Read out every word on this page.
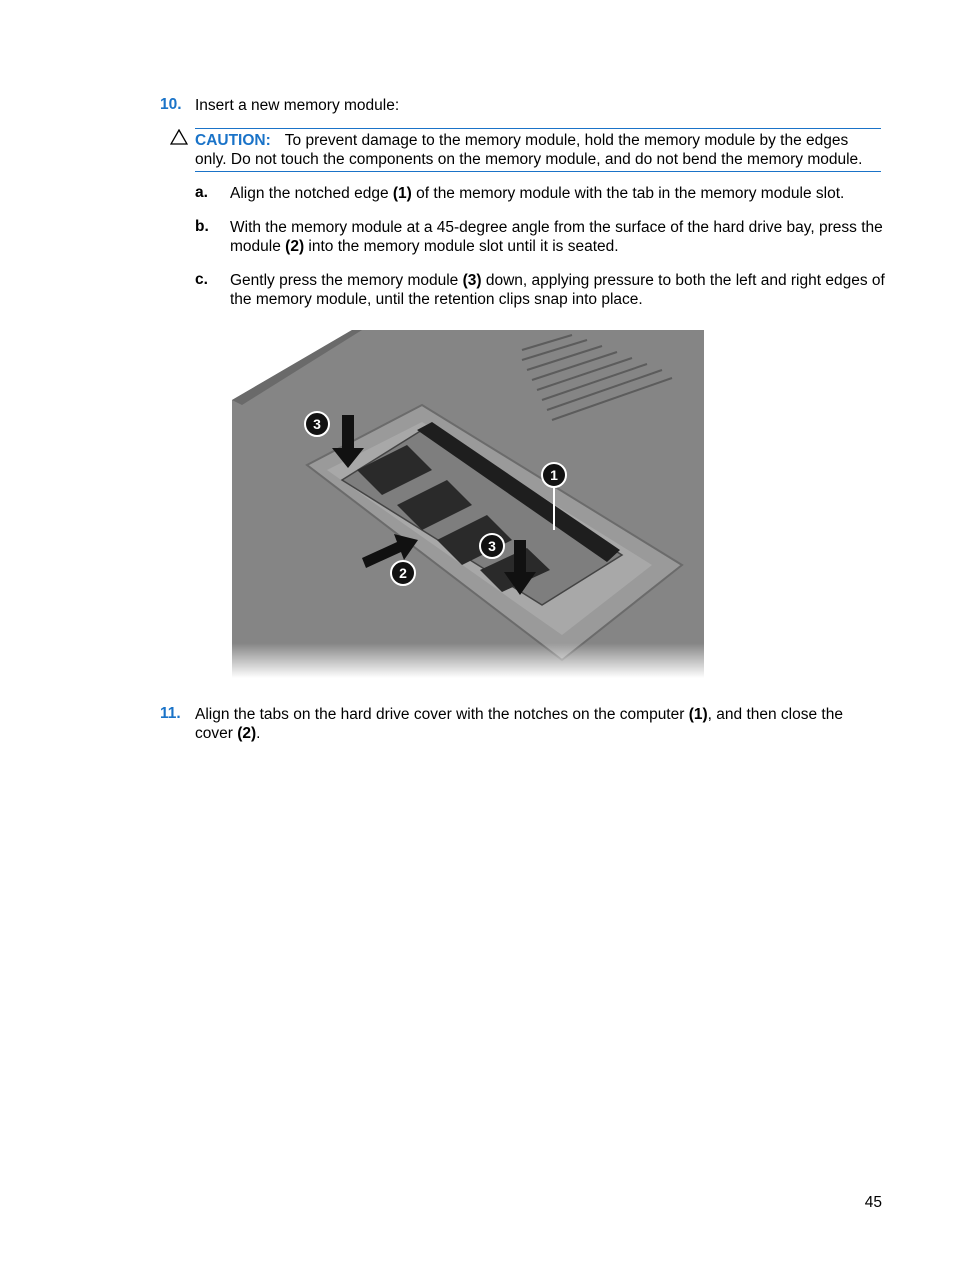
10. Insert a new memory module:
CAUTION: To prevent damage to the memory module, hold the memory module by the edges only. Do not touch the components on the memory module, and do not bend the memory module.
a. Align the notched edge (1) of the memory module with the tab in the memory module slot.
b. With the memory module at a 45-degree angle from the surface of the hard drive bay, press the module (2) into the memory module slot until it is seated.
c. Gently press the memory module (3) down, applying pressure to both the left and right edges of the memory module, until the retention clips snap into place.
11. Align the tabs on the hard drive cover with the notches on the computer (1), and then close the cover (2).
45
